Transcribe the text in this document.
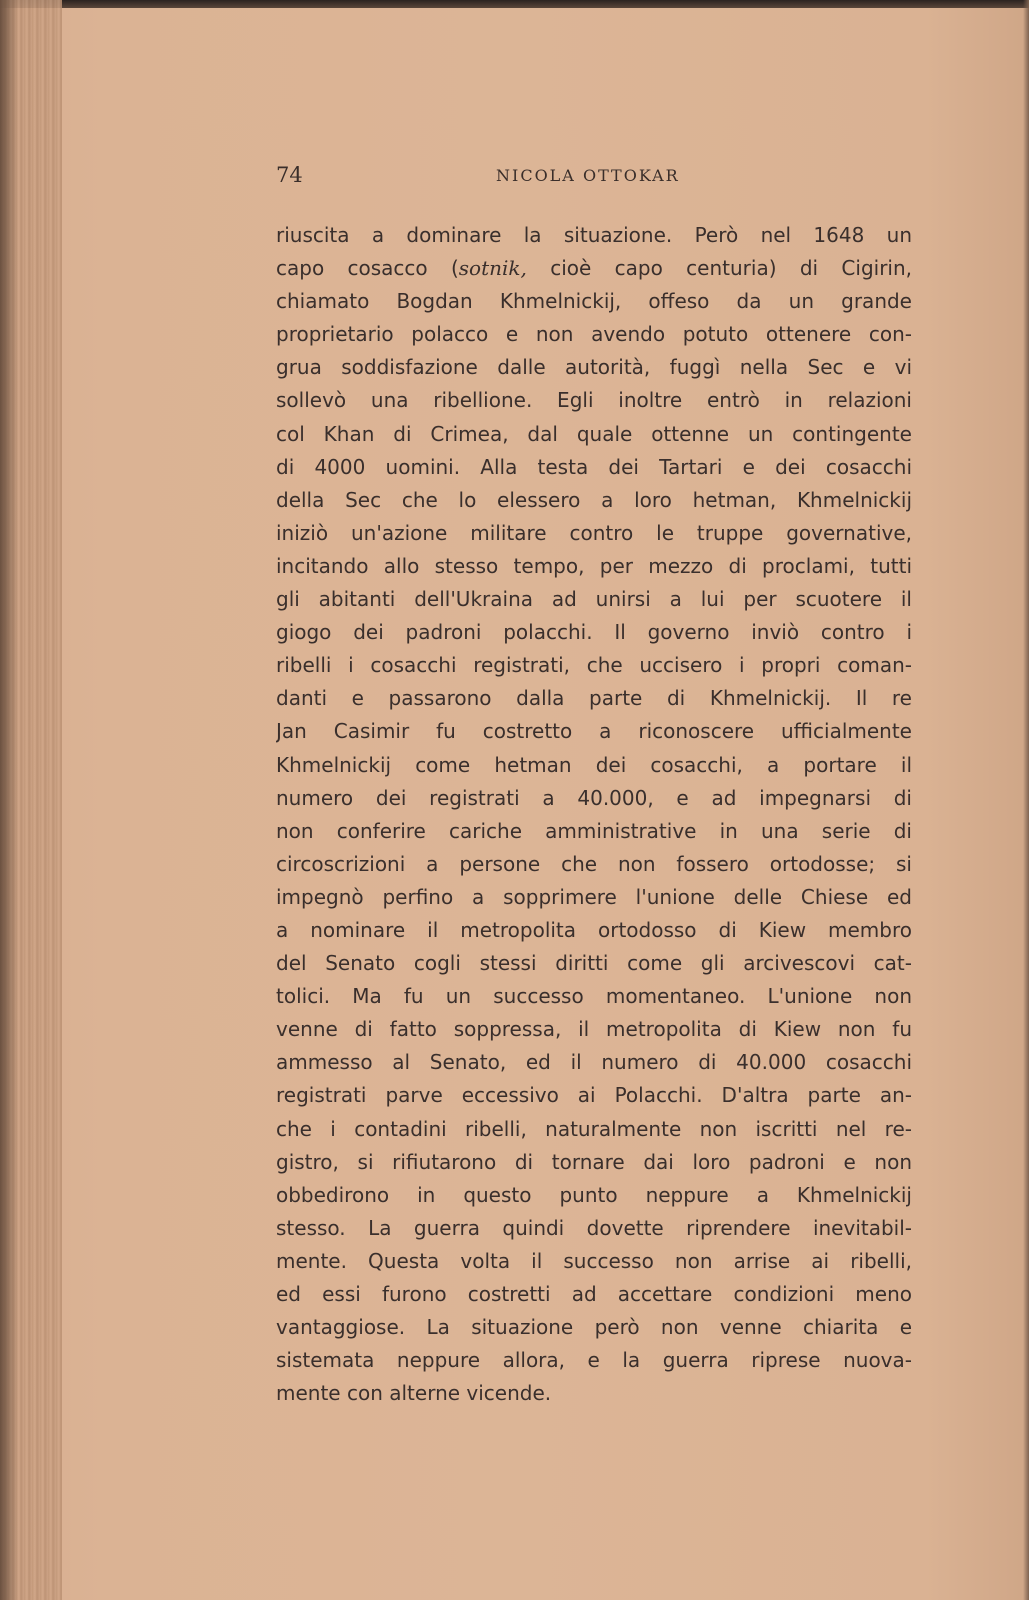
74	NICOLA OTTOKAR
riuscita a dominare la situazione. Però nel 1648 un
capo cosacco (sotnik, cioè capo centuria) di Cigirin,
chiamato Bogdan Khmelnickij, offeso da un grande
proprietario polacco e non avendo potuto ottenere con-
grua soddisfazione dalle autorità, fuggì nella Sec e vi
sollevò una ribellione. Egli inoltre entrò in relazioni
col Khan di Crimea, dal quale ottenne un contingente
di 4000 uomini. Alla testa dei Tartari e dei cosacchi
della Sec che lo elessero a loro hetman, Khmelnickij
iniziò un'azione militare contro le truppe governative,
incitando allo stesso tempo, per mezzo di proclami, tutti
gli abitanti dell'Ukraina ad unirsi a lui per scuotere il
giogo dei padroni polacchi. Il governo inviò contro i
ribelli i cosacchi registrati, che uccisero i propri coman-
danti e passarono dalla parte di Khmelnickij. Il re
Jan Casimir fu costretto a riconoscere ufficialmente
Khmelnickij come hetman dei cosacchi, a portare il
numero dei registrati a 40.000, e ad impegnarsi di
non conferire cariche amministrative in una serie di
circoscrizioni a persone che non fossero ortodosse; si
impegnò perfino a sopprimere l'unione delle Chiese ed
a nominare il metropolita ortodosso di Kiew membro
del Senato cogli stessi diritti come gli arcivescovi cat-
tolici. Ma fu un successo momentaneo. L'unione non
venne di fatto soppressa, il metropolita di Kiew non fu
ammesso al Senato, ed il numero di 40.000 cosacchi
registrati parve eccessivo ai Polacchi. D'altra parte an-
che i contadini ribelli, naturalmente non iscritti nel re-
gistro, si rifiutarono di tornare dai loro padroni e non
obbedirono in questo punto neppure a Khmelnickij
stesso. La guerra quindi dovette riprendere inevitabil-
mente. Questa volta il successo non arrise ai ribelli,
ed essi furono costretti ad accettare condizioni meno
vantaggiose. La situazione però non venne chiarita e
sistemata neppure allora, e la guerra riprese nuova-
mente con alterne vicende.
